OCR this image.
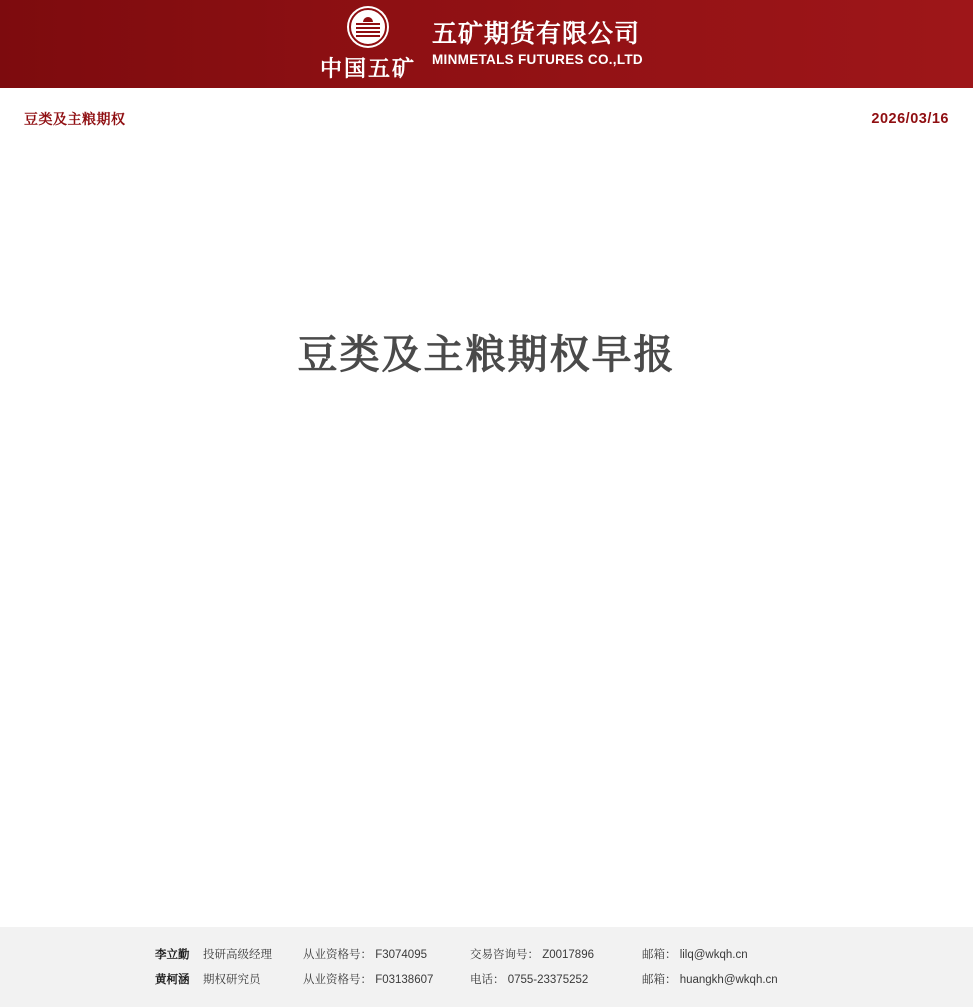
中国五矿
五矿期货有限公司
MINMETALS FUTURES CO.,LTD
豆类及主粮期权	2026/03/16
豆类及主粮期权早报
李立勤	投研高级经理	从业资格号： F3074095	交易咨询号： Z0017896	邮箱： lilq@wkqh.cn
黄柯涵	期权研究员	从业资格号： F03138607	电话： 0755-23375252	邮箱： huangkh@wkqh.cn
